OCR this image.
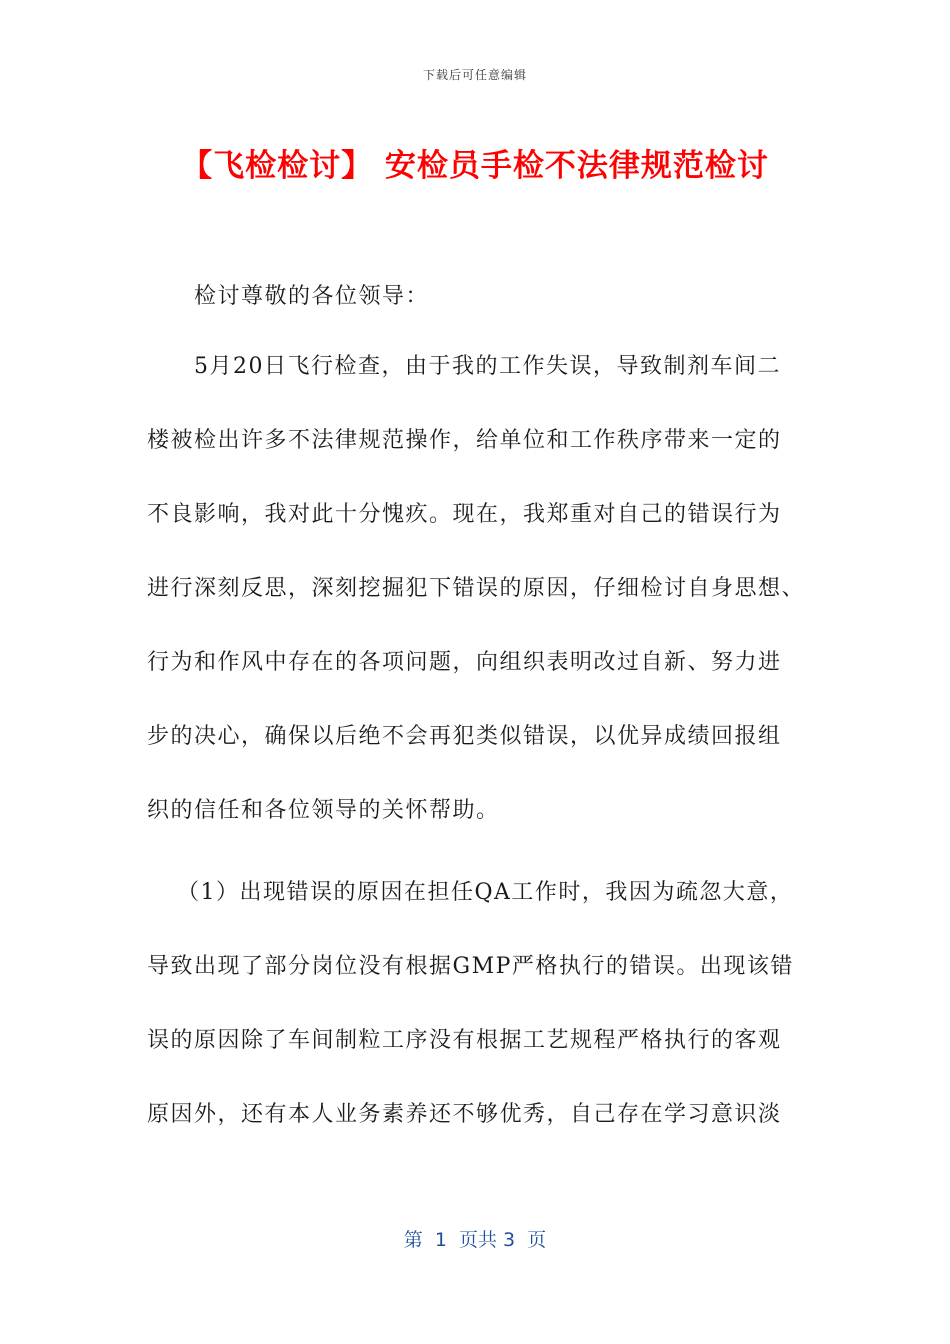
下载后可任意编辑
【飞检检讨】 安检员手检不法律规范检讨

检讨尊敬的各位领导：

5月20日飞行检查，由于我的工作失误，导致制剂车间二
楼被检出许多不法律规范操作，给单位和工作秩序带来一定的
不良影响，我对此十分愧疚。现在，我郑重对自己的错误行为
进行深刻反思，深刻挖掘犯下错误的原因，仔细检讨自身思想、
行为和作风中存在的各项问题，向组织表明改过自新、努力进
步的决心，确保以后绝不会再犯类似错误，以优异成绩回报组
织的信任和各位领导的关怀帮助。

（1）出现错误的原因在担任QA工作时，我因为疏忽大意，
导致出现了部分岗位没有根据GMP严格执行的错误。出现该错
误的原因除了车间制粒工序没有根据工艺规程严格执行的客观
原因外，还有本人业务素养还不够优秀，自己存在学习意识淡

第  1  页共 3  页
